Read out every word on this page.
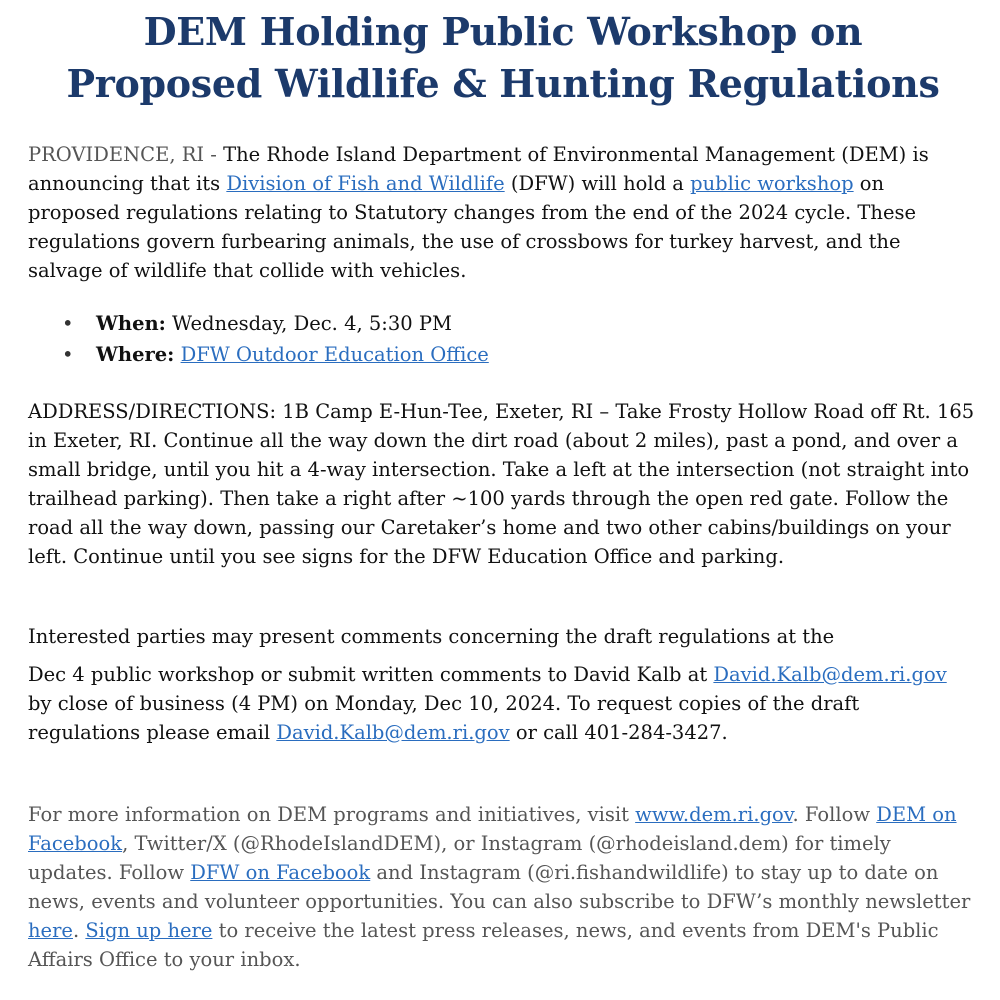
DEM Holding Public Workshop on
Proposed Wildlife & Hunting Regulations

PROVIDENCE, RI - The Rhode Island Department of Environmental Management (DEM) is announcing that its Division of Fish and Wildlife (DFW) will hold a public workshop on proposed regulations relating to Statutory changes from the end of the 2024 cycle. These regulations govern furbearing animals, the use of crossbows for turkey harvest, and the salvage of wildlife that collide with vehicles.

• When: Wednesday, Dec. 4, 5:30 PM
• Where: DFW Outdoor Education Office

ADDRESS/DIRECTIONS: 1B Camp E-Hun-Tee, Exeter, RI – Take Frosty Hollow Road off Rt. 165 in Exeter, RI. Continue all the way down the dirt road (about 2 miles), past a pond, and over a small bridge, until you hit a 4-way intersection. Take a left at the intersection (not straight into trailhead parking). Then take a right after ~100 yards through the open red gate. Follow the road all the way down, passing our Caretaker’s home and two other cabins/buildings on your left. Continue until you see signs for the DFW Education Office and parking.

Interested parties may present comments concerning the draft regulations at the

Dec 4 public workshop or submit written comments to David Kalb at David.Kalb@dem.ri.gov by close of business (4 PM) on Monday, Dec 10, 2024. To request copies of the draft regulations please email David.Kalb@dem.ri.gov or call 401-284-3427.

For more information on DEM programs and initiatives, visit www.dem.ri.gov. Follow DEM on Facebook, Twitter/X (@RhodeIslandDEM), or Instagram (@rhodeisland.dem) for timely updates. Follow DFW on Facebook and Instagram (@ri.fishandwildlife) to stay up to date on news, events and volunteer opportunities. You can also subscribe to DFW’s monthly newsletter here. Sign up here to receive the latest press releases, news, and events from DEM's Public Affairs Office to your inbox.
